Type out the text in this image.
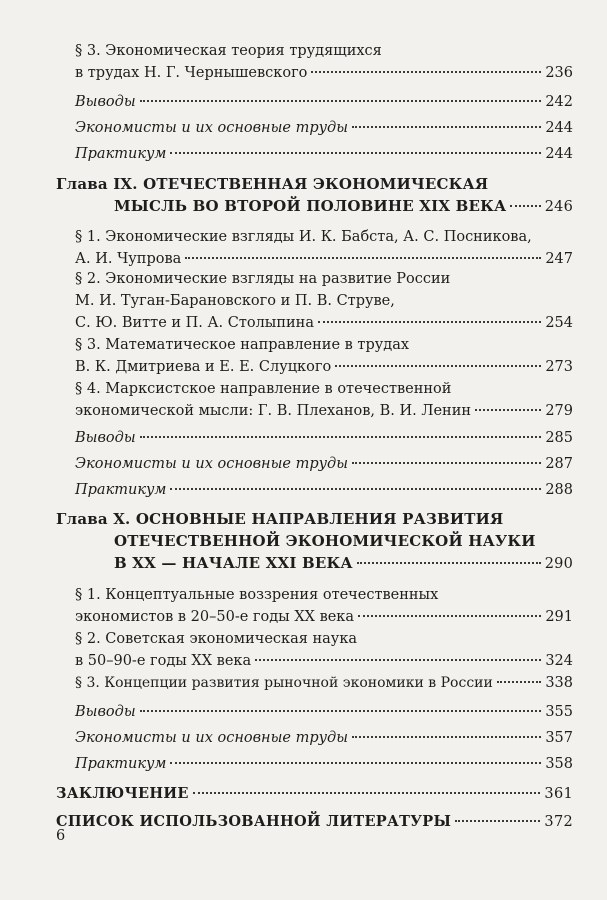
§ 3. Экономическая теория трудящихся
в трудах Н. Г. Чернышевского	236
Выводы	242
Экономисты и их основные труды	244
Практикум	244
Глава IX. ОТЕЧЕСТВЕННАЯ ЭКОНОМИЧЕСКАЯ
МЫСЛЬ ВО ВТОРОЙ ПОЛОВИНЕ XIX ВЕКА	246
§ 1. Экономические взгляды И. К. Бабста, А. С. Посникова,
А. И. Чупрова	247
§ 2. Экономические взгляды на развитие России
М. И. Туган-Барановского и П. В. Струве,
С. Ю. Витте и П. А. Столыпина	254
§ 3. Математическое направление в трудах
В. К. Дмитриева и Е. Е. Слуцкого	273
§ 4. Марксистское направление в отечественной
экономической мысли: Г. В. Плеханов, В. И. Ленин	279
Выводы	285
Экономисты и их основные труды	287
Практикум	288
Глава X. ОСНОВНЫЕ НАПРАВЛЕНИЯ РАЗВИТИЯ
ОТЕЧЕСТВЕННОЙ ЭКОНОМИЧЕСКОЙ НАУКИ
В XX — НАЧАЛЕ XXI ВЕКА	290
§ 1. Концептуальные воззрения отечественных
экономистов в 20–50-е годы XX века	291
§ 2. Советская экономическая наука
в 50–90-е годы XX века	324
§ 3. Концепции развития рыночной экономики в России	338
Выводы	355
Экономисты и их основные труды	357
Практикум	358
ЗАКЛЮЧЕНИЕ	361
СПИСОК ИСПОЛЬЗОВАННОЙ ЛИТЕРАТУРЫ	372
6
